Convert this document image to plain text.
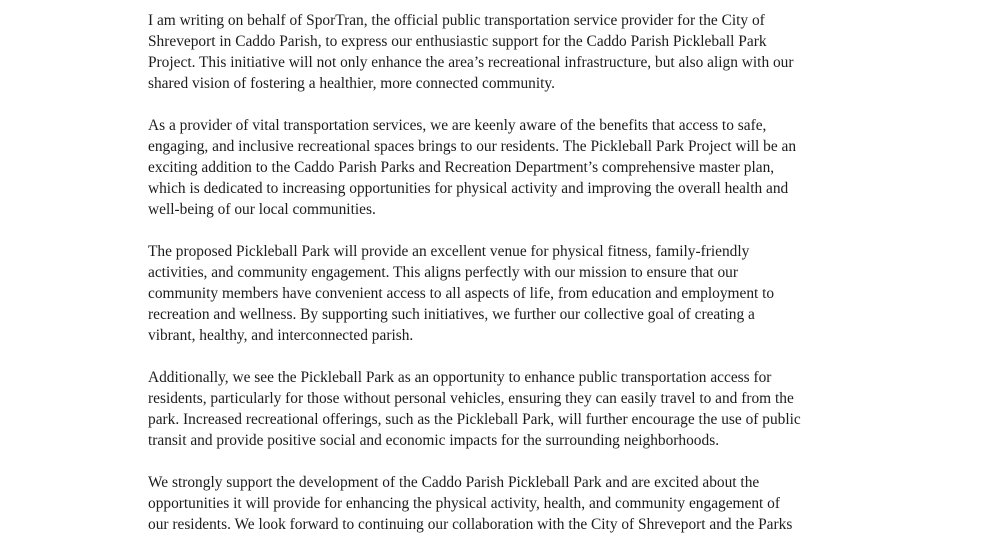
I am writing on behalf of SporTran, the official public transportation service provider for the City of
Shreveport in Caddo Parish, to express our enthusiastic support for the Caddo Parish Pickleball Park
Project. This initiative will not only enhance the area’s recreational infrastructure, but also align with our
shared vision of fostering a healthier, more connected community.

As a provider of vital transportation services, we are keenly aware of the benefits that access to safe,
engaging, and inclusive recreational spaces brings to our residents. The Pickleball Park Project will be an
exciting addition to the Caddo Parish Parks and Recreation Department’s comprehensive master plan,
which is dedicated to increasing opportunities for physical activity and improving the overall health and
well-being of our local communities.

The proposed Pickleball Park will provide an excellent venue for physical fitness, family-friendly
activities, and community engagement. This aligns perfectly with our mission to ensure that our
community members have convenient access to all aspects of life, from education and employment to
recreation and wellness. By supporting such initiatives, we further our collective goal of creating a
vibrant, healthy, and interconnected parish.

Additionally, we see the Pickleball Park as an opportunity to enhance public transportation access for
residents, particularly for those without personal vehicles, ensuring they can easily travel to and from the
park. Increased recreational offerings, such as the Pickleball Park, will further encourage the use of public
transit and provide positive social and economic impacts for the surrounding neighborhoods.

We strongly support the development of the Caddo Parish Pickleball Park and are excited about the
opportunities it will provide for enhancing the physical activity, health, and community engagement of
our residents. We look forward to continuing our collaboration with the City of Shreveport and the Parks
